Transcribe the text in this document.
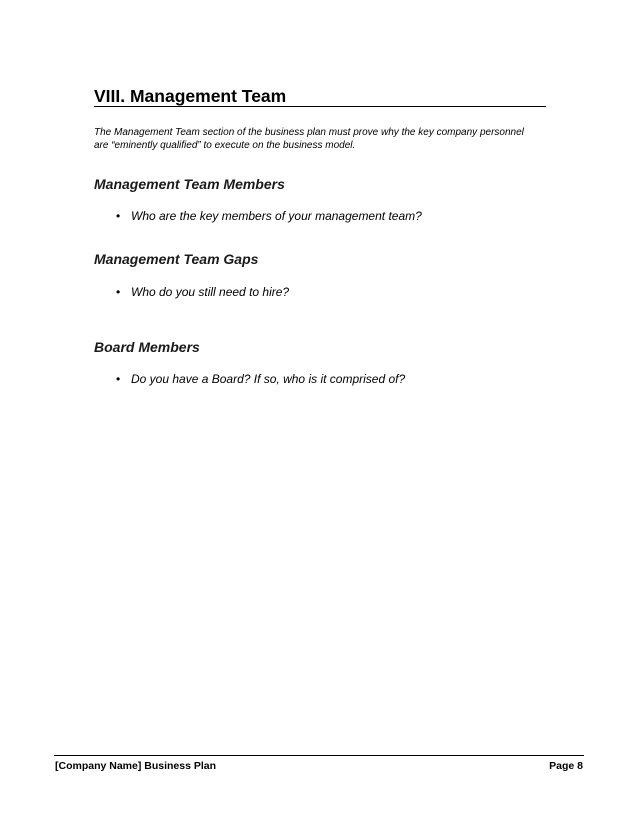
VIII. Management Team
The Management Team section of the business plan must prove why the key company personnel
are “eminently qualified” to execute on the business model.
Management Team Members
• Who are the key members of your management team?
Management Team Gaps
• Who do you still need to hire?
Board Members
• Do you have a Board? If so, who is it comprised of?
[Company Name] Business Plan	Page 8
